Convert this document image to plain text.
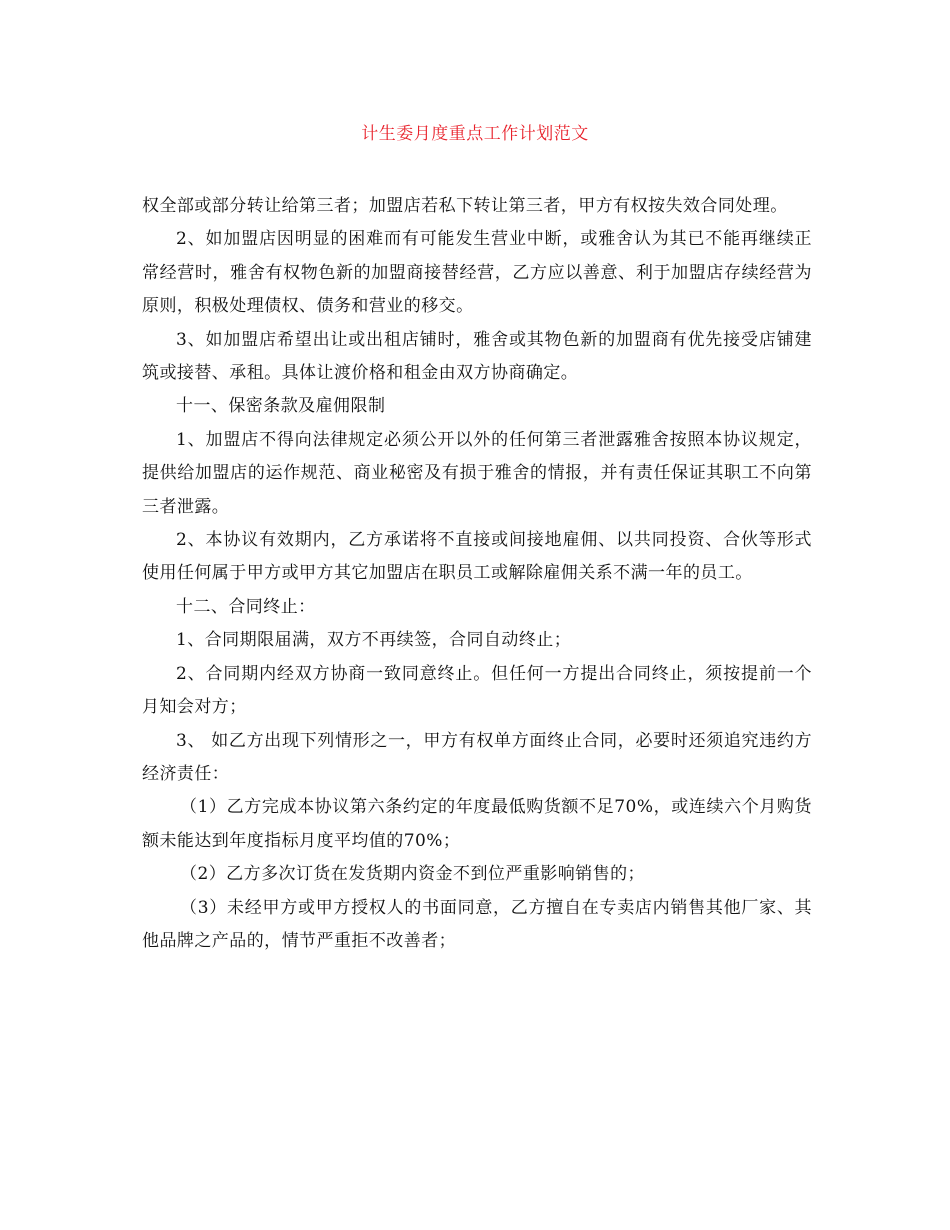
计生委月度重点工作计划范文

权全部或部分转让给第三者；加盟店若私下转让第三者，甲方有权按失效合同处理。

2、如加盟店因明显的困难而有可能发生营业中断，或雅舍认为其已不能再继续正常经营时，雅舍有权物色新的加盟商接替经营，乙方应以善意、利于加盟店存续经营为原则，积极处理债权、债务和营业的移交。

3、如加盟店希望出让或出租店铺时，雅舍或其物色新的加盟商有优先接受店铺建筑或接替、承租。具体让渡价格和租金由双方协商确定。

十一、保密条款及雇佣限制

1、加盟店不得向法律规定必须公开以外的任何第三者泄露雅舍按照本协议规定，提供给加盟店的运作规范、商业秘密及有损于雅舍的情报，并有责任保证其职工不向第三者泄露。

2、本协议有效期内，乙方承诺将不直接或间接地雇佣、以共同投资、合伙等形式使用任何属于甲方或甲方其它加盟店在职员工或解除雇佣关系不满一年的员工。

十二、合同终止：

1、合同期限届满，双方不再续签，合同自动终止；

2、合同期内经双方协商一致同意终止。但任何一方提出合同终止，须按提前一个月知会对方；

3、 如乙方出现下列情形之一，甲方有权单方面终止合同，必要时还须追究违约方经济责任：

（1）乙方完成本协议第六条约定的年度最低购货额不足70%，或连续六个月购货额未能达到年度指标月度平均值的70%；

（2）乙方多次订货在发货期内资金不到位严重影响销售的；

（3）未经甲方或甲方授权人的书面同意，乙方擅自在专卖店内销售其他厂家、其他品牌之产品的，情节严重拒不改善者；
